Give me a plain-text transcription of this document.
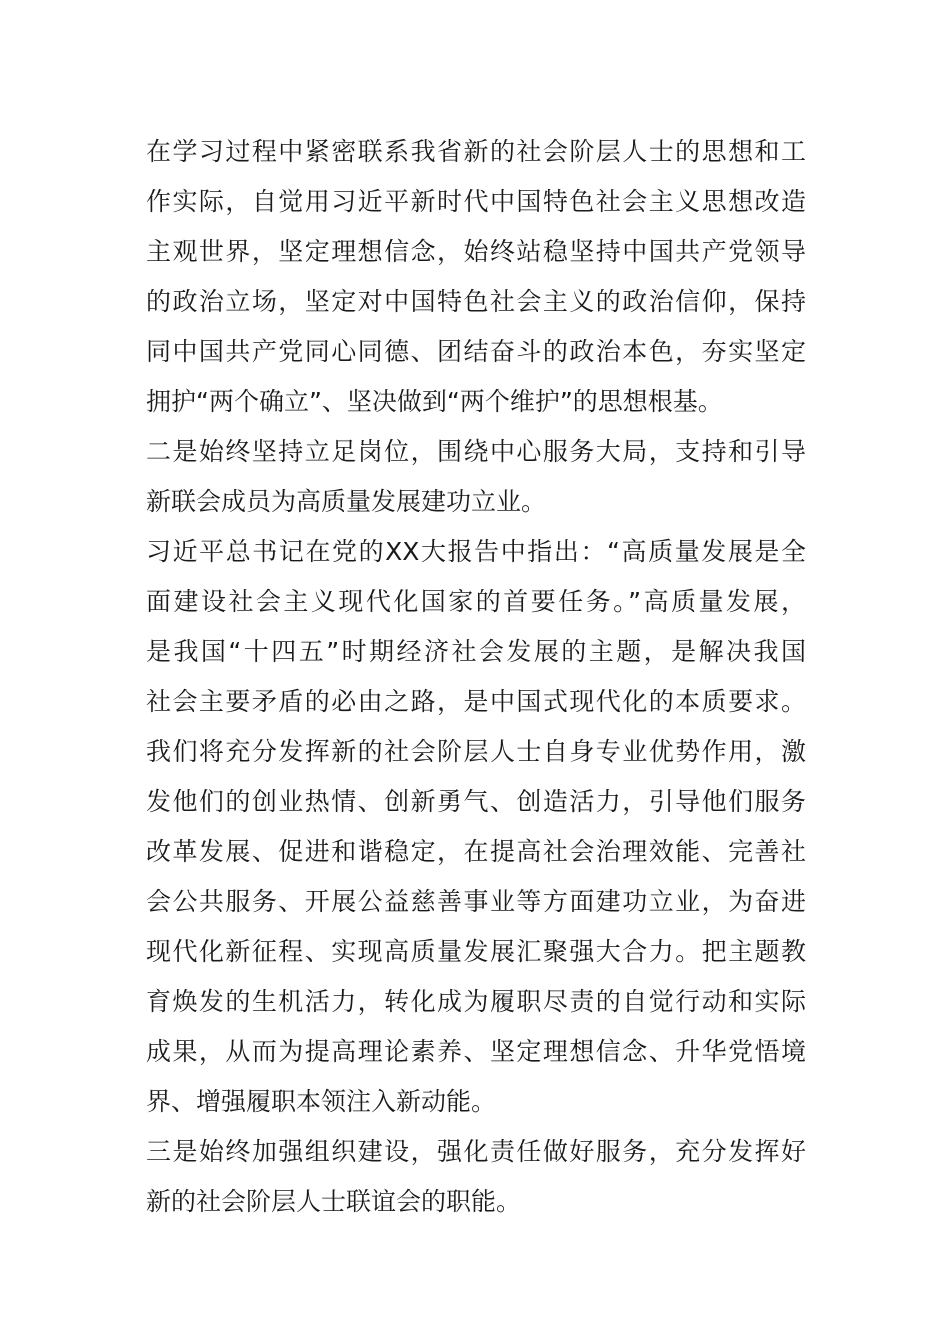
在学习过程中紧密联系我省新的社会阶层人士的思想和工
作实际，自觉用习近平新时代中国特色社会主义思想改造
主观世界，坚定理想信念，始终站稳坚持中国共产党领导
的政治立场，坚定对中国特色社会主义的政治信仰，保持
同中国共产党同心同德、团结奋斗的政治本色，夯实坚定
拥护“两个确立”、坚决做到“两个维护”的思想根基。
二是始终坚持立足岗位，围绕中心服务大局，支持和引导
新联会成员为高质量发展建功立业。
习近平总书记在党的XX大报告中指出：“高质量发展是全
面建设社会主义现代化国家的首要任务。”高质量发展，
是我国“十四五”时期经济社会发展的主题，是解决我国
社会主要矛盾的必由之路，是中国式现代化的本质要求。
我们将充分发挥新的社会阶层人士自身专业优势作用，激
发他们的创业热情、创新勇气、创造活力，引导他们服务
改革发展、促进和谐稳定，在提高社会治理效能、完善社
会公共服务、开展公益慈善事业等方面建功立业，为奋进
现代化新征程、实现高质量发展汇聚强大合力。把主题教
育焕发的生机活力，转化成为履职尽责的自觉行动和实际
成果，从而为提高理论素养、坚定理想信念、升华党悟境
界、增强履职本领注入新动能。
三是始终加强组织建设，强化责任做好服务，充分发挥好
新的社会阶层人士联谊会的职能。
